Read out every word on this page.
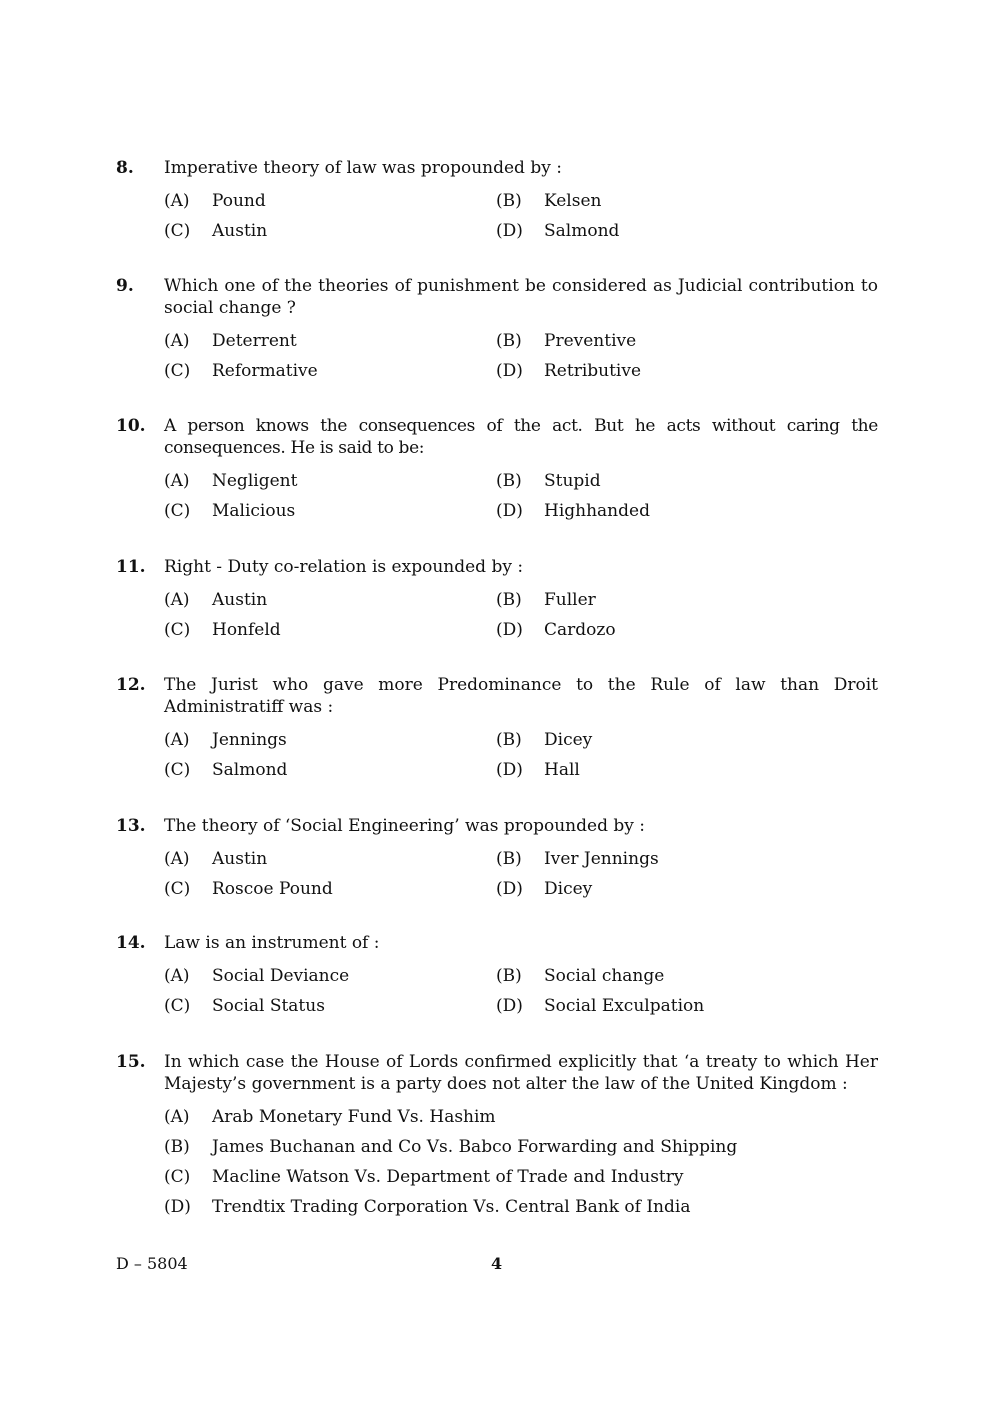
8.	Imperative theory of law was propounded by :
(A)	Pound	(B)	Kelsen
(C)	Austin	(D)	Salmond
9.	Which one of the theories of punishment be considered as Judicial contribution to social change ?
(A)	Deterrent	(B)	Preventive
(C)	Reformative	(D)	Retributive
10.	A person knows the consequences of the act. But he acts without caring the consequences. He is said to be:
(A)	Negligent	(B)	Stupid
(C)	Malicious	(D)	Highhanded
11.	Right - Duty co-relation is expounded by :
(A)	Austin	(B)	Fuller
(C)	Honfeld	(D)	Cardozo
12.	The Jurist who gave more Predominance to the Rule of law than Droit Administratiff was :
(A)	Jennings	(B)	Dicey
(C)	Salmond	(D)	Hall
13.	The theory of ‘Social Engineering’ was propounded by :
(A)	Austin	(B)	Iver Jennings
(C)	Roscoe Pound	(D)	Dicey
14.	Law is an instrument of :
(A)	Social Deviance	(B)	Social change
(C)	Social Status	(D)	Social Exculpation
15.	In which case the House of Lords confirmed explicitly that ‘a treaty to which Her Majesty’s government is a party does not alter the law of the United Kingdom :
(A)	Arab Monetary Fund Vs. Hashim
(B)	James Buchanan and Co Vs. Babco Forwarding and Shipping
(C)	Macline Watson Vs. Department of Trade and Industry
(D)	Trendtix Trading Corporation Vs. Central Bank of India
D – 5804	4
